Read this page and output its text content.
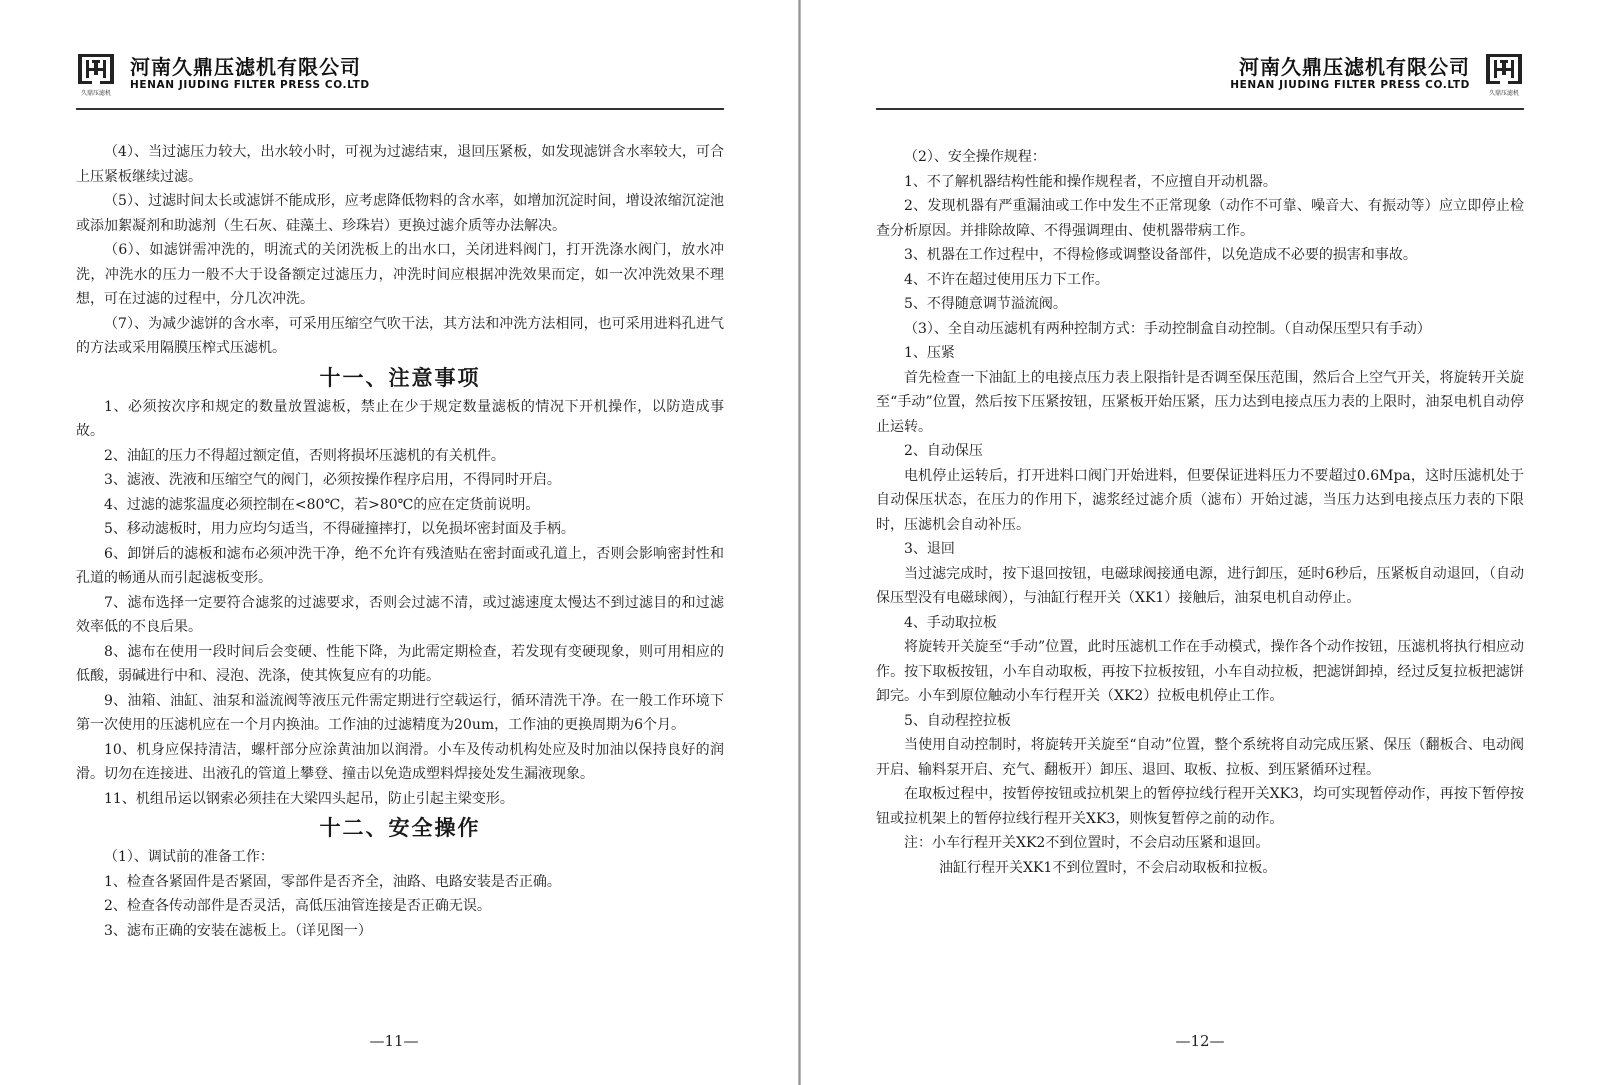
久鼎压滤机
河南久鼎压滤机有限公司
HENAN JIUDING FILTER PRESS CO.LTD

（4）、当过滤压力较大，出水较小时，可视为过滤结束，退回压紧板，如发现滤饼含水率较大，可合上压紧板继续过滤。

（5）、过滤时间太长或滤饼不能成形，应考虑降低物料的含水率，如增加沉淀时间，增设浓缩沉淀池或添加絮凝剂和助滤剂（生石灰、硅藻土、珍珠岩）更换过滤介质等办法解决。

（6）、如滤饼需冲洗的，明流式的关闭洗板上的出水口，关闭进料阀门，打开洗涤水阀门，放水冲洗，冲洗水的压力一般不大于设备额定过滤压力，冲洗时间应根据冲洗效果而定，如一次冲洗效果不理想，可在过滤的过程中，分几次冲洗。

（7）、为减少滤饼的含水率，可采用压缩空气吹干法，其方法和冲洗方法相同，也可采用进料孔进气的方法或采用隔膜压榨式压滤机。

十一、注意事项

1、必须按次序和规定的数量放置滤板，禁止在少于规定数量滤板的情况下开机操作，以防造成事故。

2、油缸的压力不得超过额定值，否则将损坏压滤机的有关机件。

3、滤液、洗液和压缩空气的阀门，必须按操作程序启用，不得同时开启。

4、过滤的滤浆温度必须控制在<80℃，若>80℃的应在定货前说明。

5、移动滤板时，用力应均匀适当，不得碰撞摔打，以免损坏密封面及手柄。

6、卸饼后的滤板和滤布必须冲洗干净，绝不允许有残渣贴在密封面或孔道上，否则会影响密封性和孔道的畅通从而引起滤板变形。

7、滤布选择一定要符合滤浆的过滤要求，否则会过滤不清，或过滤速度太慢达不到过滤目的和过滤效率低的不良后果。

8、滤布在使用一段时间后会变硬、性能下降，为此需定期检查，若发现有变硬现象，则可用相应的低酸，弱碱进行中和、浸泡、洗涤，使其恢复应有的功能。

9、油箱、油缸、油泵和溢流阀等液压元件需定期进行空载运行，循环清洗干净。在一般工作环境下第一次使用的压滤机应在一个月内换油。工作油的过滤精度为20um，工作油的更换周期为6个月。

10、机身应保持清洁，螺杆部分应涂黄油加以润滑。小车及传动机构处应及时加油以保持良好的润滑。切勿在连接进、出液孔的管道上攀登、撞击以免造成塑料焊接处发生漏液现象。

11、机组吊运以钢索必须挂在大梁四头起吊，防止引起主梁变形。

十二、安全操作

（1）、调试前的准备工作：

1、检查各紧固件是否紧固，零部件是否齐全，油路、电路安装是否正确。

2、检查各传动部件是否灵活，高低压油管连接是否正确无误。

3、滤布正确的安装在滤板上。（详见图一）

—11—
河南久鼎压滤机有限公司
HENAN JIUDING FILTER PRESS CO.LTD
久鼎压滤机

（2）、安全操作规程：

1、不了解机器结构性能和操作规程者，不应擅自开动机器。

2、发现机器有严重漏油或工作中发生不正常现象（动作不可靠、噪音大、有振动等）应立即停止检查分析原因。并排除故障、不得强调理由、使机器带病工作。

3、机器在工作过程中，不得检修或调整设备部件，以免造成不必要的损害和事故。

4、不许在超过使用压力下工作。

5、不得随意调节溢流阀。

（3）、全自动压滤机有两种控制方式：手动控制盒自动控制。（自动保压型只有手动）

1、压紧

首先检查一下油缸上的电接点压力表上限指针是否调至保压范围，然后合上空气开关，将旋转开关旋至“手动”位置，然后按下压紧按钮，压紧板开始压紧，压力达到电接点压力表的上限时，油泵电机自动停止运转。

2、自动保压

电机停止运转后，打开进料口阀门开始进料，但要保证进料压力不要超过0.6Mpa，这时压滤机处于自动保压状态，在压力的作用下，滤浆经过滤介质（滤布）开始过滤，当压力达到电接点压力表的下限时，压滤机会自动补压。

3、退回

当过滤完成时，按下退回按钮，电磁球阀接通电源，进行卸压，延时6秒后，压紧板自动退回，（自动保压型没有电磁球阀），与油缸行程开关（XK1）接触后，油泵电机自动停止。

4、手动取拉板

将旋转开关旋至“手动”位置，此时压滤机工作在手动模式，操作各个动作按钮，压滤机将执行相应动作。按下取板按钮，小车自动取板，再按下拉板按钮，小车自动拉板，把滤饼卸掉，经过反复拉板把滤饼卸完。小车到原位触动小车行程开关（XK2）拉板电机停止工作。

5、自动程控拉板

当使用自动控制时，将旋转开关旋至“自动”位置，整个系统将自动完成压紧、保压（翻板合、电动阀开启、输料泵开启、充气、翻板开）卸压、退回、取板、拉板、到压紧循环过程。

在取板过程中，按暂停按钮或拉机架上的暂停拉线行程开关XK3，均可实现暂停动作，再按下暂停按钮或拉机架上的暂停拉线行程开关XK3，则恢复暂停之前的动作。

注：小车行程开关XK2不到位置时，不会启动压紧和退回。

油缸行程开关XK1不到位置时，不会启动取板和拉板。

—12—
